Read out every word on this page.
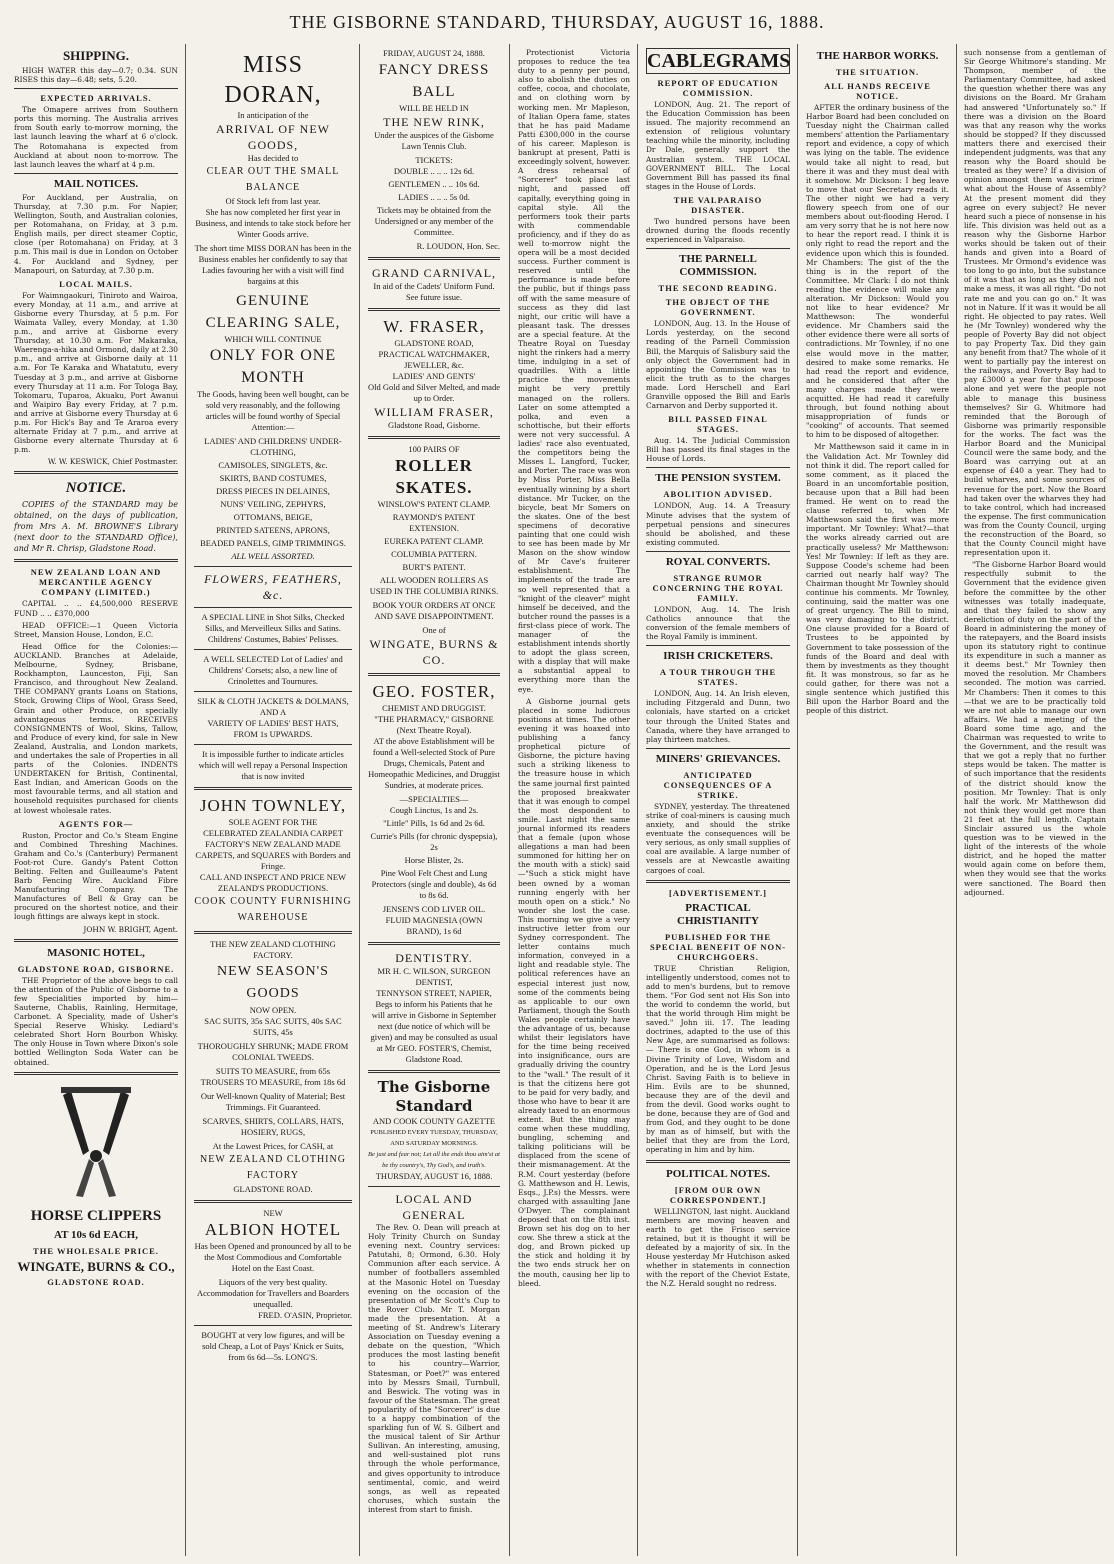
THE GISBORNE STANDARD, THURSDAY, AUGUST 16, 1888.
SHIPPING.

HIGH WATER this day—0.7; 0.34. SUN RISES this day—6.48; sets, 5.20.

EXPECTED ARRIVALS.

The Omapere arrives from Southern ports this morning. The Australia arrives from South early to-morrow morning, the last launch leaving the wharf at 6 o'clock. The Rotomahana is expected from Auckland at about noon to-morrow. The last launch leaves the wharf at 4 p.m.

MAIL NOTICES.

For Auckland, per Australia, on Thursday, at 7.30 p.m. For Napier, Wellington, South, and Australian colonies, per Rotomahana, on Friday, at 3 p.m. English mails, per direct steamer Coptic, close (per Rotomahana) on Friday, at 3 p.m. This mail is due in London on October 4. For Auckland and Sydney, per Manapouri, on Saturday, at 7.30 p.m.

LOCAL MAILS.

For Waimngaokuri, Tiniroto and Wairoa, every Monday, at 11 a.m., and arrive at Gisborne every Thursday, at 5 p.m. For Waimata Valley, every Monday, at 1.30 p.m., and arrive at Gisborne every Thursday, at 10.30 a.m. For Makaraka, Waerenga-a-hika and Ormond, daily at 2.30 p.m., and arrive at Gisborne daily at 11 a.m. For Te Karaka and Whatatutu, every Tuesday at 3 p.m., and arrive at Gisborne every Thursday at 11 a.m. For Tologa Bay, Tokomaru, Tuparoa, Akuaku, Port Awanui and Waipiro Bay every Friday, at 7 p.m. and arrive at Gisborne every Thursday at 6 p.m. For Hick's Bay and Te Araroa every alternate Friday at 7 p.m., and arrive at Gisborne every alternate Thursday at 6 p.m.

W. W. KESWICK, Chief Postmaster.

NOTICE.

COPIES of the STANDARD may be obtained, on the days of publication, from Mrs A. M. BROWNE'S Library (next door to the STANDARD Office), and Mr R. Chrisp, Gladstone Road.

NEW ZEALAND LOAN AND MERCANTILE AGENCY COMPANY (LIMITED.)

CAPITAL .. .. £4,500,000 RESERVE FUND .. .. £370,000

HEAD OFFICE:—1 Queen Victoria Street, Mansion House, London, E.C.

Head Office for the Colonies:—AUCKLAND. Branches at Adelaide, Melbourne, Sydney, Brisbane, Rockhampton, Launceston, Fiji, San Francisco, and throughout New Zealand. THE COMPANY grants Loans on Stations, Stock, Growing Clips of Wool, Grass Seed, Grain and other Produce, on specially advantageous terms. RECEIVES CONSIGNMENTS of Wool, Skins, Tallow, and Produce of every kind, for sale in New Zealand, Australia, and London markets, and undertakes the sale of Properties in all parts of the Colonies. INDENTS UNDERTAKEN for British, Continental, East Indian, and American Goods on the most favourable terms, and all station and household requisites purchased for clients at lowest wholesale rates.

AGENTS FOR—

Ruston, Proctor and Co.'s Steam Engine and Combined Threshing Machines. Graham and Co.'s (Canterbury) Permanent Foot-rot Cure. Gandy's Patent Cotton Belting. Felten and Guilleaume's Patent Barb Fencing Wire. Auckland Fibre Manufacturing Company. The Manufactures of Bell & Gray can be procured on the shortest notice, and their lough fittings are always kept in stock.

JOHN W. BRIGHT, Agent.

MASONIC HOTEL,
GLADSTONE ROAD, GISBORNE.

THE Proprietor of the above begs to call the attention of the Public of Gisborne to a few Specialities imported by him— Sauterne, Chablis, Rainling, Hermitage, Carbonet. A Speciality, made of Usher's Special Reserve Whisky. Lediard's celebrated Short Horn Bourbon Whisky. The only House in Town where Dixon's sole bottled Wellington Soda Water can be obtained.

HORSE CLIPPERS
AT 10s 6d EACH,
THE WHOLESALE PRICE.
WINGATE, BURNS & CO.,
GLADSTONE ROAD.
MISS DORAN,
In anticipation of the
ARRIVAL OF NEW GOODS,
Has decided to
CLEAR OUT THE SMALL BALANCE
Of Stock left from last year.

She has now completed her first year in Business, and intends to take stock before her Winter Goods arrive.

The short time MISS DORAN has been in the Business enables her confidently to say that Ladies favouring her with a visit will find bargains at this

GENUINE CLEARING SALE,
WHICH WILL CONTINUE
ONLY FOR ONE MONTH

The Goods, having been well bought, can be sold very reasonably, and the following articles will be found worthy of Special Attention:—

LADIES' AND CHILDRENS' UNDER-CLOTHING,
CAMISOLES, SINGLETS, &c.
SKIRTS, BAND COSTUMES,
DRESS PIECES IN DELAINES,
NUNS' VEILING, ZEPHYRS,
OTTOMANS, BEIGE,
PRINTED SATEENS, APRONS,
BEADED PANELS, GIMP TRIMMINGS.
ALL WELL ASSORTED.
FLOWERS, FEATHERS, &c.

A SPECIAL LINE in Shot Silks, Checked Silks, and Merveilleux Silks and Satins. Childrens' Costumes, Babies' Pelisses.

A WELL SELECTED Lot of Ladies' and Childrens' Corsets; also, a new line of Crinolettes and Tournures.

SILK & CLOTH JACKETS & DOLMANS,
AND A
VARIETY OF LADIES' BEST HATS,
FROM 1s UPWARDS.

It is impossible further to indicate articles which will well repay a Personal Inspection that is now invited

JOHN TOWNLEY,
SOLE AGENT FOR THE
CELEBRATED ZEALANDIA CARPET
FACTORY'S NEW ZEALAND MADE
CARPETS, and SQUARES with Borders and Fringe.
CALL AND INSPECT AND PRICE NEW ZEALAND'S PRODUCTIONS.
COOK COUNTY FURNISHING WAREHOUSE
THE NEW ZEALAND CLOTHING FACTORY.
NEW SEASON'S GOODS
NOW OPEN.

SAC SUITS, 35s SAC SUITS, 40s SAC SUITS, 45s

THOROUGHLY SHRUNK; MADE FROM COLONIAL TWEEDS.

SUITS TO MEASURE, from 65s TROUSERS TO MEASURE, from 18s 6d

Our Well-known Quality of Material; Best Trimmings. Fit Guaranteed.

SCARVES, SHIRTS, COLLARS, HATS, HOSIERY, RUGS,

At the Lowest Prices, for CASH, at
NEW ZEALAND CLOTHING FACTORY
GLADSTONE ROAD.
NEW
ALBION HOTEL

Has been Opened and pronounced by all to be the Most Commodious and Comfortable Hotel on the East Coast.

Liquors of the very best quality.
Accommodation for Travellers and Boarders unequalled.
FRED. O'ASIN, Proprietor.

BOUGHT at very low figures, and will be sold Cheap, a Lot of Pays' Knick er Suits, from 6s 6d—5s. LONG'S.

FRIDAY, AUGUST 24, 1888.
FANCY DRESS BALL
WILL BE HELD IN
THE NEW RINK,

Under the auspices of the Gisborne Lawn Tennis Club.

TICKETS:
DOUBLE .. .. .. 12s 6d.
GENTLEMEN .. .. 10s 6d.
LADIES .. .. .. 5s 0d.

Tickets may be obtained from the Undersigned or any member of the Committee.

R. LOUDON, Hon. Sec.
GRAND CARNIVAL,
In aid of the Cadets' Uniform Fund. See future issue.
W. FRASER,
GLADSTONE ROAD,
PRACTICAL WATCHMAKER,
JEWELLER, &c.
LADIES' AND GENTS'
Old Gold and Silver Melted, and made up to Order.
WILLIAM FRASER,
Gladstone Road, Gisborne.
100 PAIRS OF
ROLLER SKATES.
WINSLOW'S PATENT CLAMP.
RAYMOND'S PATENT EXTENSION.
EUREKA PATENT CLAMP.
COLUMBIA PATTERN.
BURT'S PATENT.

ALL WOODEN ROLLERS AS USED IN THE COLUMBIA RINKS.

BOOK YOUR ORDERS AT ONCE AND SAVE DISAPPOINTMENT.

One of
WINGATE, BURNS & CO.
GEO. FOSTER,
CHEMIST AND DRUGGIST.
"THE PHARMACY," GISBORNE
(Next Theatre Royal).

AT the above Establishment will be found a Well-selected Stock of Pure Drugs, Chemicals, Patent and Homeopathic Medicines, and Druggist Sundries, at moderate prices.

—SPECIALTIES—
Cough Linctus, 1s and 2s.
"Little" Pills, 1s 6d and 2s 6d.
Currie's Pills (for chronic dyspepsia), 2s
Horse Blister, 2s.

Pine Wool Felt Chest and Lung Protectors (single and double), 4s 6d to 8s 6d.

JENSEN'S COD LIVER OIL.
FLUID MAGNESIA (OWN BRAND), 1s 6d
DENTISTRY.
MR H. C. WILSON, SURGEON DENTIST,
TENNYSON STREET, NAPIER,

Begs to inform his Patients that he will arrive in Gisborne in September next (due notice of which will be given) and may be consulted as usual at Mr GEO. FOSTER'S, Chemist, Gladstone Road.

The Gisborne Standard
AND COOK COUNTY GAZETTE
PUBLISHED EVERY TUESDAY, THURSDAY, AND SATURDAY MORNINGS.
Be just and fear not; Let all the ends thou aim'st at be thy country's, Thy God's, and truth's.
THURSDAY, AUGUST 16, 1888.
LOCAL AND GENERAL

The Rev. O. Dean will preach at Holy Trinity Church on Sunday evening next. Country services: Patutahi, 8; Ormond, 6.30. Holy Communion after each service. A number of footballers assembled at the Masonic Hotel on Tuesday evening on the occasion of the presentation of Mr Scott's Cup to the Rover Club. Mr T. Morgan made the presentation. At a meeting of St. Andrew's Literary Association on Tuesday evening a debate on the question, "Which produces the most lasting benefit to his country—Warrior, Statesman, or Poet?" was entered into by Messrs Smail, Turnbull, and Beswick. The voting was in favour of the Statesman. The great popularity of the "Sorcerer" is due to a happy combination of the sparkling fun of W. S. Gilbert and the musical talent of Sir Arthur Sullivan. An interesting, amusing, and well-sustained plot runs through the whole performance, and gives opportunity to introduce sentimental, comic, and weird songs, as well as repeated choruses, which sustain the interest from start to finish.

Protectionist Victoria proposes to reduce the tea duty to a penny per pound, also to abolish the duties on coffee, cocoa, and chocolate, and on clothing worn by working men. Mr Mapleson, of Italian Opera fame, states that he has paid Madame Patti £300,000 in the course of his career. Mapleson is bankrupt at present, Patti is exceedingly solvent, however. A dress rehearsal of "Sorcerer" took place last night, and passed off capitally, everything going in capital style. All the performers took their parts with commendable proficiency, and if they do as well to-morrow night the opera will be a most decided success. Further comment is reserved until the performance is made before the public, but if things pass off with the same measure of success as they did last night, our critic will have a pleasant task. The dresses are a special feature. At the Theatre Royal on Tuesday night the rinkers had a merry time, indulging in a set of quadrilles. With a little practice the movements might be very prettily managed on the rollers. Later on some attempted a polka, and even a schottische, but their efforts were not very successful. A ladies' race also eventuated, the competitors being the Misses L. Langford, Tucker, and Porter. The race was won by Miss Porter, Miss Bella eventually winning by a short distance. Mr Tucker, on the bicycle, beat Mr Somers on the skates. One of the best specimens of decorative painting that one could wish to see has been made by Mr Mason on the show window of Mr Cave's fruiterer establishment. The implements of the trade are so well represented that a "knight of the cleaver" might himself be deceived, and the butcher round the passes is a first-class piece of work. The manager of the establishment intends shortly to adopt the glass screen, with a display that will make a substantial appeal to everything more than the eye.

A Gisborne journal gets placed in some ludicrous positions at times. The other evening it was hoaxed into publishing a fancy prophetical picture of Gisborne, the picture having such a striking likeness to the treasure house in which the same journal first painted the proposed breakwater that it was enough to compel the most despondent to smile. Last night the same journal informed its readers that a female (upon whose allegations a man had been summoned for hitting her on the mouth with a stick) said—"Such a stick might have been owned by a woman running engerly with her mouth open on a stick." No wonder she lost the case. This morning we give a very instructive letter from our Sydney correspondent. The letter contains much information, conveyed in a light and readable style. The political references have an especial interest just now, some of the comments being as applicable to our own Parliament, though the South Wales people certainly have the advantage of us, because whilst their legislators have for the time being received into insignificance, ours are gradually driving the country to the "wall." The result of it is that the citizens here got to be paid for very badly, and those who have to bear it are already taxed to an enormous extent. But the thing may come when these muddling, bungling, scheming and talking politicians will be displaced from the scene of their mismanagement. At the R.M. Court yesterday (before G. Matthewson and H. Lewis, Esqs., J.P.s) the Messrs. were charged with assaulting Jane O'Dwyer. The complainant deposed that on the 8th inst. Brown set his dog on to her cow. She threw a stick at the dog, and Brown picked up the stick and holding it by the two ends struck her on the mouth, causing her lip to bleed.

CABLEGRAMS
REPORT OF EDUCATION COMMISSION.

LONDON, Aug. 21. The report of the Education Commission has been issued. The majority recommend an extension of religious voluntary teaching while the minority, including Dr Dale, generally support the Australian system. THE LOCAL GOVERNMENT BILL. The Local Government Bill has passed its final stages in the House of Lords.

THE VALPARAISO DISASTER.

Two hundred persons have been drowned during the floods recently experienced in Valparaiso.

THE PARNELL COMMISSION.
THE SECOND READING.
THE OBJECT OF THE GOVERNMENT.

LONDON, Aug. 13. In the House of Lords yesterday, on the second reading of the Parnell Commission Bill, the Marquis of Salisbury said the only object the Government had in appointing the Commission was to elicit the truth as to the charges made. Lord Herschell and Earl Granville opposed the Bill and Earls Carnarvon and Derby supported it.

BILL PASSED FINAL STAGES.

Aug. 14. The Judicial Commission Bill has passed its final stages in the House of Lords.

THE PENSION SYSTEM.
ABOLITION ADVISED.

LONDON, Aug. 14. A Treasury Minute advises that the system of perpetual pensions and sinecures should be abolished, and these existing commuted.

ROYAL CONVERTS.
STRANGE RUMOR CONCERNING THE ROYAL FAMILY.

LONDON, Aug. 14. The Irish Catholics announce that the conversion of the female members of the Royal Family is imminent.

IRISH CRICKETERS.
A TOUR THROUGH THE STATES.

LONDON, Aug. 14. An Irish eleven, including Fitzgerald and Dunn, two colonials, have started on a cricket tour through the United States and Canada, where they have arranged to play thirteen matches.

MINERS' GRIEVANCES.
ANTICIPATED CONSEQUENCES OF A STRIKE.

SYDNEY, yesterday. The threatened strike of coal-miners is causing much anxiety, and should the strike eventuate the consequences will be very serious, as only small supplies of coal are available. A large number of vessels are at Newcastle awaiting cargoes of coal.

[ADVERTISEMENT.]
PRACTICAL CHRISTIANITY
PUBLISHED FOR THE SPECIAL BENEFIT OF NON-CHURCHGOERS.

TRUE Christian Religion, intelligently understood, comes not to add to men's burdens, but to remove them. "For God sent not His Son into the world to condemn the world, but that the world through Him might be saved." John iii. 17. The leading doctrines, adapted to the use of this New Age, are summarised as follows:— There is one God, in whom is a Divine Trinity of Love, Wisdom and Operation, and he is the Lord Jesus Christ. Saving Faith is to believe in Him. Evils are to be shunned, because they are of the devil and from the devil. Good works ought to be done, because they are of God and from God, and they ought to be done by man as of himself, but with the belief that they are from the Lord, operating in him and by him.

POLITICAL NOTES.
[FROM OUR OWN CORRESPONDENT.]

WELLINGTON, last night. Auckland members are moving heaven and earth to get the Frisco service retained, but it is thought it will be defeated by a majority of six. In the House yesterday Mr Hutchison asked whether in statements in connection with the report of the Cheviot Estate, the N.Z. Herald sought no redress.

THE HARBOR WORKS.
THE SITUATION.
ALL HANDS RECEIVE NOTICE.

AFTER the ordinary business of the Harbor Board had been concluded on Tuesday night the Chairman called members' attention the Parliamentary report and evidence, a copy of which was lying on the table. The evidence would take all night to read, but there it was and they must deal with it somehow. Mr Dickson: I beg leave to move that our Secretary reads it. The other night we had a very flowery speech from one of our members about out-flooding Herod. I am very sorry that he is not here now to hear the report read. I think it is only right to read the report and the evidence upon which this is founded. Mr Chambers: The gist of the the thing is in the report of the Committee. Mr Clark: I do not think reading the evidence will make any alteration. Mr Dickson: Would you not like to hear evidence? Mr Matthewson: The wonderful evidence. Mr Chambers said the other evidence there were all sorts of contradictions. Mr Townley, if no one else would move in the matter, desired to make some remarks. He had read the report and evidence, and he considered that after the many charges made they were acquitted. He had read it carefully through, but found nothing about misappropriation of funds or "cooking" of accounts. That seemed to him to be disposed of altogether.

Mr Matthewson said it came in in the Validation Act. Mr Townley did not think it did. The report called for some comment, as it placed the Board in an uncomfortable position, because upon that a Bill had been framed. He went on to read the clause referred to, when Mr Matthewson said the first was more important. Mr Townley: What?—that the works already carried out are practically useless? Mr Matthewson: Yes! Mr Townley: If left as they are. Suppose Coode's scheme had been carried out nearly half way? The Chairman thought Mr Townley should continue his comments. Mr Townley, continuing, said the matter was one of great urgency. The Bill to mind, was very damaging to the district. One clause provided for a Board of Trustees to be appointed by Government to take possession of the funds of the Board and deal with them by investments as they thought fit. It was monstrous, so far as he could gather, for there was not a single sentence which justified this Bill upon the Harbor Board and the people of this district.

such nonsense from a gentleman of Sir George Whitmore's standing. Mr Thompson, member of the Parliamentary Committee, had asked the question whether there was any divisions on the Board. Mr Graham had answered "Unfortunately so." If there was a division on the Board was that any reason why the works should be stopped? If they discussed matters there and exercised their independent judgments, was that any reason why the Board should be treated as they were? If a division of opinion amongst them was a crime what about the House of Assembly? At the present moment did they agree on every subject? He never heard such a piece of nonsense in his life. This division was held out as a reason why the Gisborne Harbor works should be taken out of their hands and given into a Board of Trustees. Mr Ormond's evidence was too long to go into, but the substance of it was that as long as they did not make a mess, it was all right. "Do not rate me and you can go on." It was not in Nature. If it was it would be all right. He objected to pay rates. Well he (Mr Townley) wondered why the people of Poverty Bay did not object to pay Property Tax. Did they gain any benefit from that? The whole of it went to partially pay the interest on the railways, and Poverty Bay had to pay £3000 a year for that purpose alone and yet were the people not able to manage this business themselves? Sir G. Whitmore had reminded that the Borough of Gisborne was primarily responsible for the works. The fact was the Harbor Board and the Municipal Council were the same body, and the Board was carrying out at an expense of £40 a year. They had to build wharves, and some sources of revenue for the port. Now the Board had taken over the wharves they had to take control, which had increased the expense. The first communication was from the County Council, urging the reconstruction of the Board, so that the County Council might have representation upon it.

"The Gisborne Harbor Board would respectfully submit to the Government that the evidence given before the committee by the other witnesses was totally inadequate, and that they failed to show any dereliction of duty on the part of the Board in administering the money of the ratepayers, and the Board insists upon its statutory right to continue its expenditure in such a manner as it deems best." Mr Townley then moved the resolution. Mr Chambers seconded. The motion was carried. Mr Chambers: Then it comes to this—that we are to be practically told we are not able to manage our own affairs. We had a meeting of the Board some time ago, and the Chairman was requested to write to the Government, and the result was that we got a reply that no further steps would be taken. The matter is of such importance that the residents of the district should know the position. Mr Townley: That is only half the work. Mr Matthewson did not think they would get more than 21 feet at the full length. Captain Sinclair assured us the whole question was to be viewed in the light of the interests of the whole district, and he hoped the matter would again come on before them, when they would see that the works were sanctioned. The Board then adjourned.
